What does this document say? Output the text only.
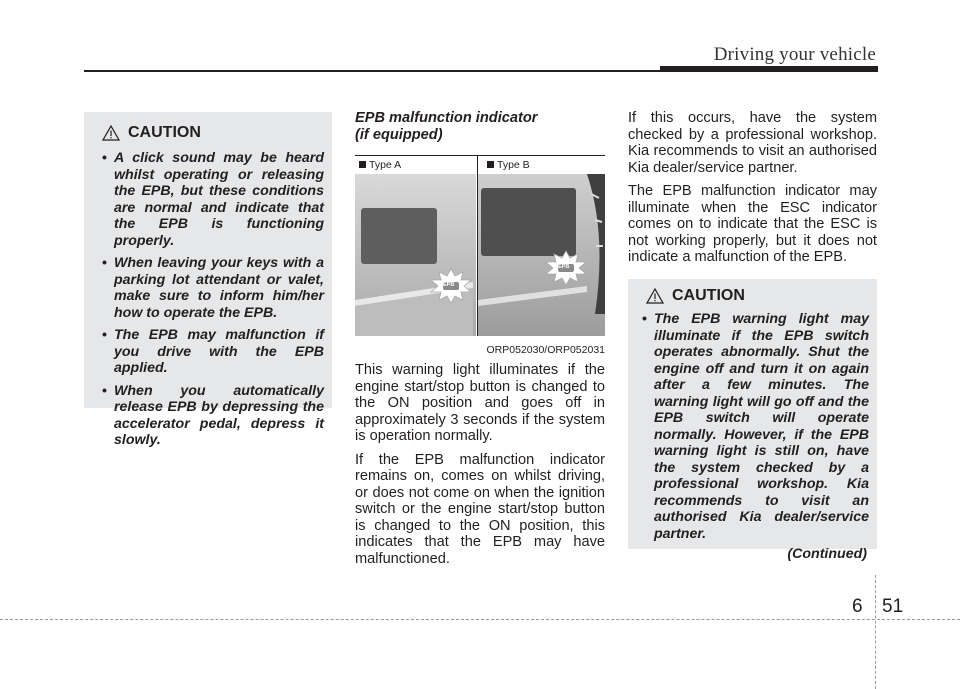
Driving your vehicle
CAUTION
• A click sound may be heard whilst operating or releasing the EPB, but these conditions are normal and indicate that the EPB is functioning properly.
• When leaving your keys with a parking lot attendant or valet, make sure to inform him/her how to operate the EPB.
• The EPB may malfunction if you drive with the EPB applied.
• When you automatically release EPB by depressing the accelerator pedal, depress it slowly.
EPB malfunction indicator
(if equipped)
Type A	Type B
EPB
EPB
ORP052030/ORP052031

This warning light illuminates if the engine start/stop button is changed to the ON position and goes off in approximately 3 seconds if the system is operation normally.

If the EPB malfunction indicator remains on, comes on whilst driving, or does not come on when the ignition switch or the engine start/stop button is changed to the ON position, this indicates that the EPB may have malfunctioned.

If this occurs, have the system checked by a professional workshop. Kia recommends to visit an authorised Kia dealer/service partner.

The EPB malfunction indicator may illuminate when the ESC indicator comes on to indicate that the ESC is not working properly, but it does not indicate a malfunction of the EPB.

CAUTION
• The EPB warning light may illuminate if the EPB switch operates abnormally. Shut the engine off and turn it on again after a few minutes. The warning light will go off and the EPB switch will operate normally. However, if the EPB warning light is still on, have the system checked by a professional workshop. Kia recommends to visit an authorised Kia dealer/service partner.
(Continued)
6 51
